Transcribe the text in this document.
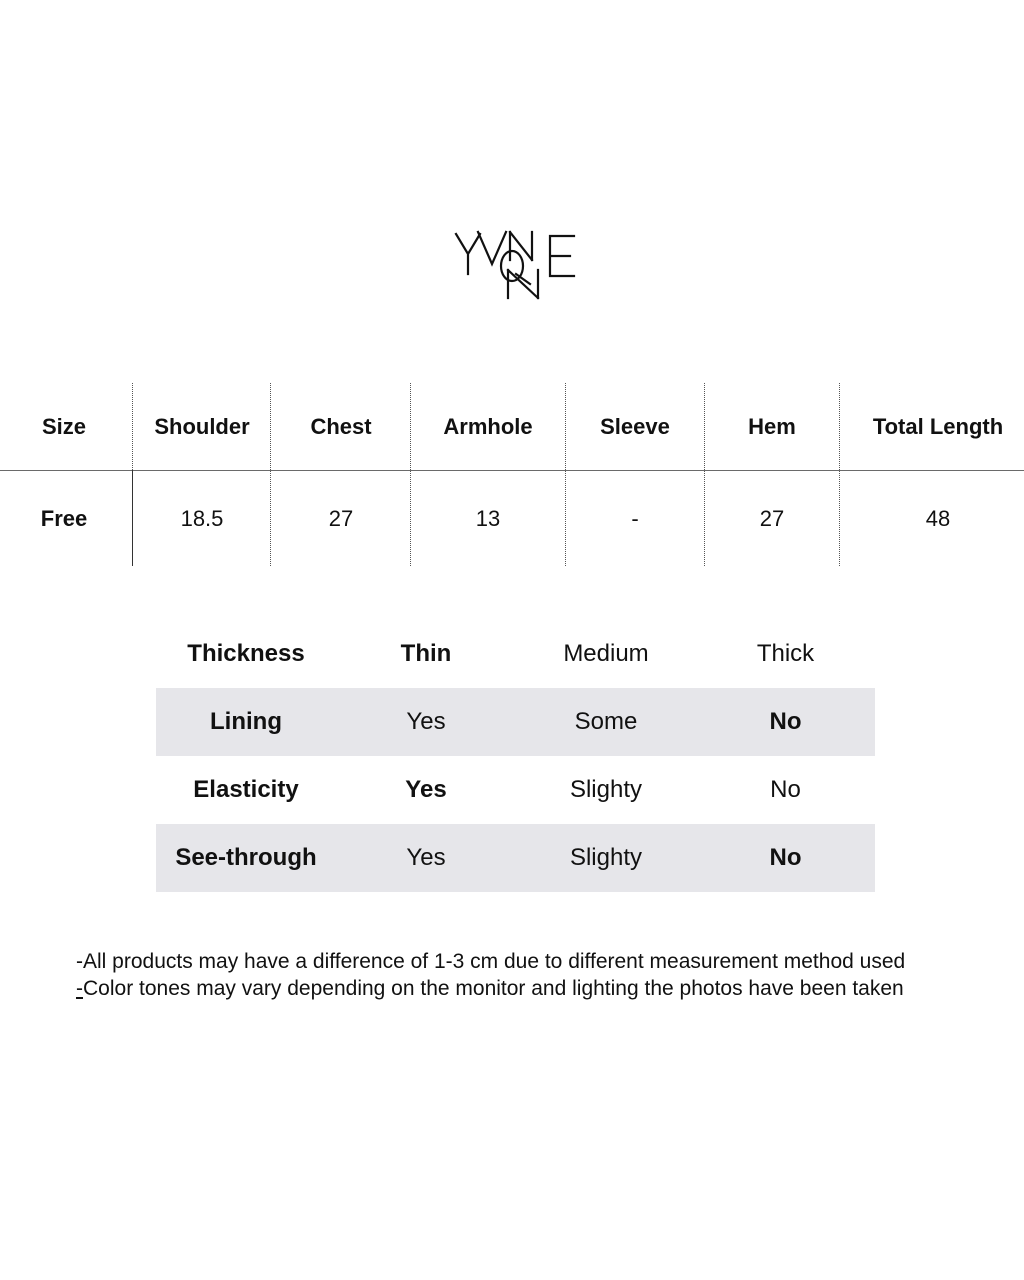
Size	Shoulder	Chest	Armhole	Sleeve	Hem	Total Length
Free	18.5	27	13	-	27	48
Thickness	Thin	Medium	Thick
Lining	Yes	Some	No
Elasticity	Yes	Slighty	No
See-through	Yes	Slighty	No
-All products may have a difference of 1-3 cm due to different measurement method used
-Color tones may vary depending on the monitor and lighting the photos have been taken
